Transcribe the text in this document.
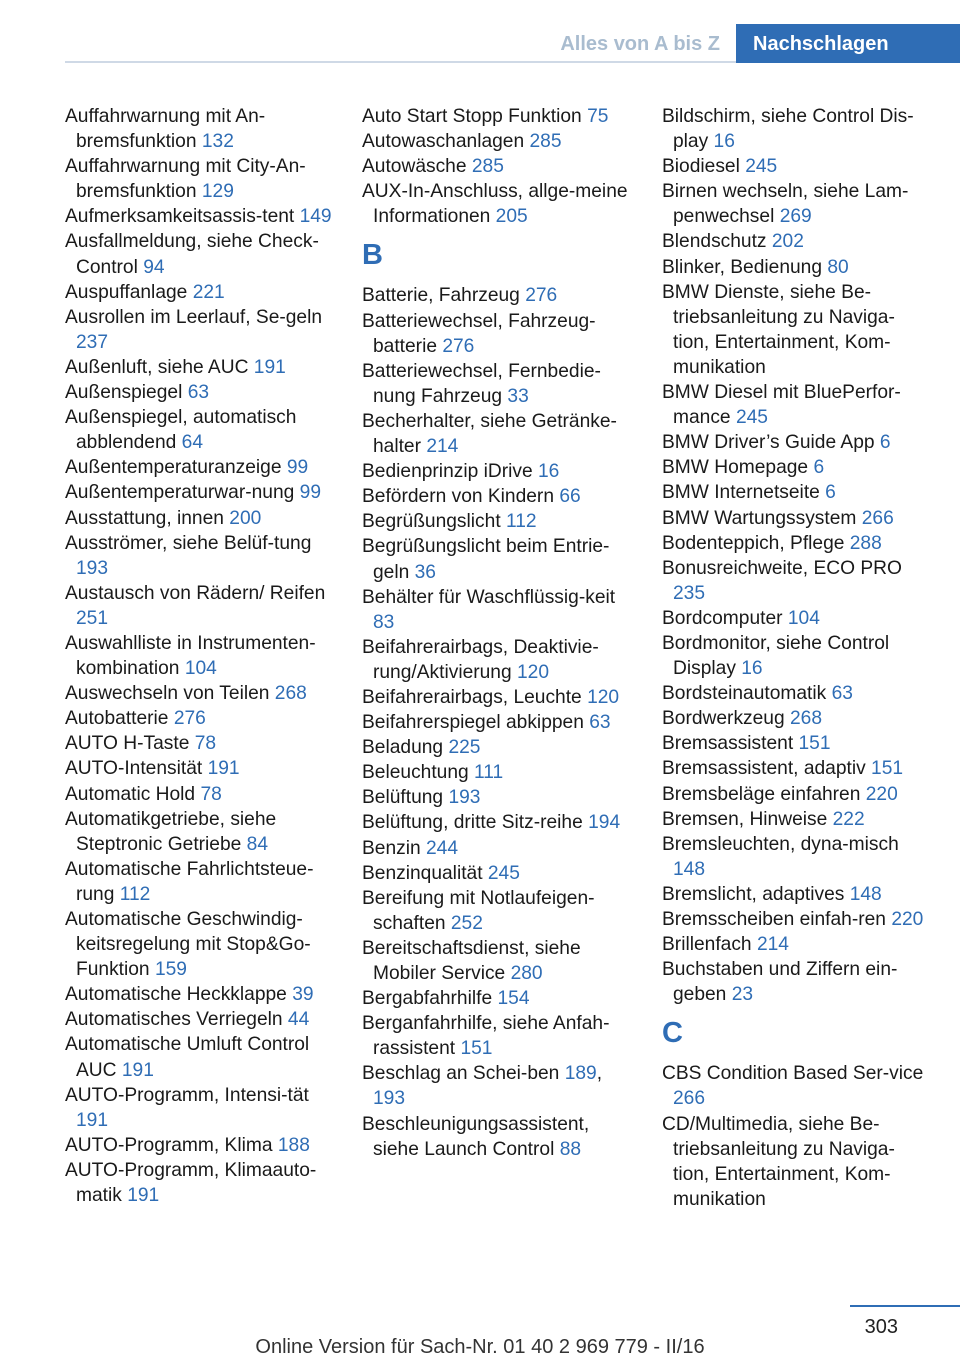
Alles von A bis Z	Nachschlagen
Auffahrwarnung mit An-bremsfunktion 132
Auffahrwarnung mit City-An-bremsfunktion 129
Aufmerksamkeitsassis-tent 149
Ausfallmeldung, siehe Check-Control 94
Auspuffanlage 221
Ausrollen im Leerlauf, Se-geln 237
Außenluft, siehe AUC 191
Außenspiegel 63
Außenspiegel, automatisch abblendend 64
Außentemperaturanzeige 99
Außentemperaturwar-nung 99
Ausstattung, innen 200
Ausströmer, siehe Belüf-tung 193
Austausch von Rädern/ Reifen 251
Auswahlliste in Instrumenten-kombination 104
Auswechseln von Teilen 268
Autobatterie 276
AUTO H-Taste 78
AUTO-Intensität 191
Automatic Hold 78
Automatikgetriebe, siehe Steptronic Getriebe 84
Automatische Fahrlichtsteue-rung 112
Automatische Geschwindig-keitsregelung mit Stop&Go-Funktion 159
Automatische Heckklappe 39
Automatisches Verriegeln 44
Automatische Umluft Control AUC 191
AUTO-Programm, Intensi-tät 191
AUTO-Programm, Klima 188
AUTO-Programm, Klimaauto-matik 191
Auto Start Stopp Funktion 75
Autowaschanlagen 285
Autowäsche 285
AUX-In-Anschluss, allge-meine Informationen 205
B
Batterie, Fahrzeug 276
Batteriewechsel, Fahrzeug-batterie 276
Batteriewechsel, Fernbedie-nung Fahrzeug 33
Becherhalter, siehe Getränke-halter 214
Bedienprinzip iDrive 16
Befördern von Kindern 66
Begrüßungslicht 112
Begrüßungslicht beim Entrie-geln 36
Behälter für Waschflüssig-keit 83
Beifahrerairbags, Deaktivie-rung/Aktivierung 120
Beifahrerairbags, Leuchte 120
Beifahrerspiegel abkippen 63
Beladung 225
Beleuchtung 111
Belüftung 193
Belüftung, dritte Sitz-reihe 194
Benzin 244
Benzinqualität 245
Bereifung mit Notlaufeigen-schaften 252
Bereitschaftsdienst, siehe Mobiler Service 280
Bergabfahrhilfe 154
Berganfahrhilfe, siehe Anfah-rassistent 151
Beschlag an Schei-ben 189, 193
Beschleunigungsassistent, siehe Launch Control 88
Bildschirm, siehe Control Dis-play 16
Biodiesel 245
Birnen wechseln, siehe Lam-penwechsel 269
Blendschutz 202
Blinker, Bedienung 80
BMW Dienste, siehe Be-triebsanleitung zu Naviga-tion, Entertainment, Kom-munikation
BMW Diesel mit BluePerfor-mance 245
BMW Driver’s Guide App 6
BMW Homepage 6
BMW Internetseite 6
BMW Wartungssystem 266
Bodenteppich, Pflege 288
Bonusreichweite, ECO PRO 235
Bordcomputer 104
Bordmonitor, siehe Control Display 16
Bordsteinautomatik 63
Bordwerkzeug 268
Bremsassistent 151
Bremsassistent, adaptiv 151
Bremsbeläge einfahren 220
Bremsen, Hinweise 222
Bremsleuchten, dyna-misch 148
Bremslicht, adaptives 148
Bremsscheiben einfah-ren 220
Brillenfach 214
Buchstaben und Ziffern ein-geben 23
C
CBS Condition Based Ser-vice 266
CD/Multimedia, siehe Be-triebsanleitung zu Naviga-tion, Entertainment, Kom-munikation
303
Online Version für Sach-Nr. 01 40 2 969 779 - II/16
